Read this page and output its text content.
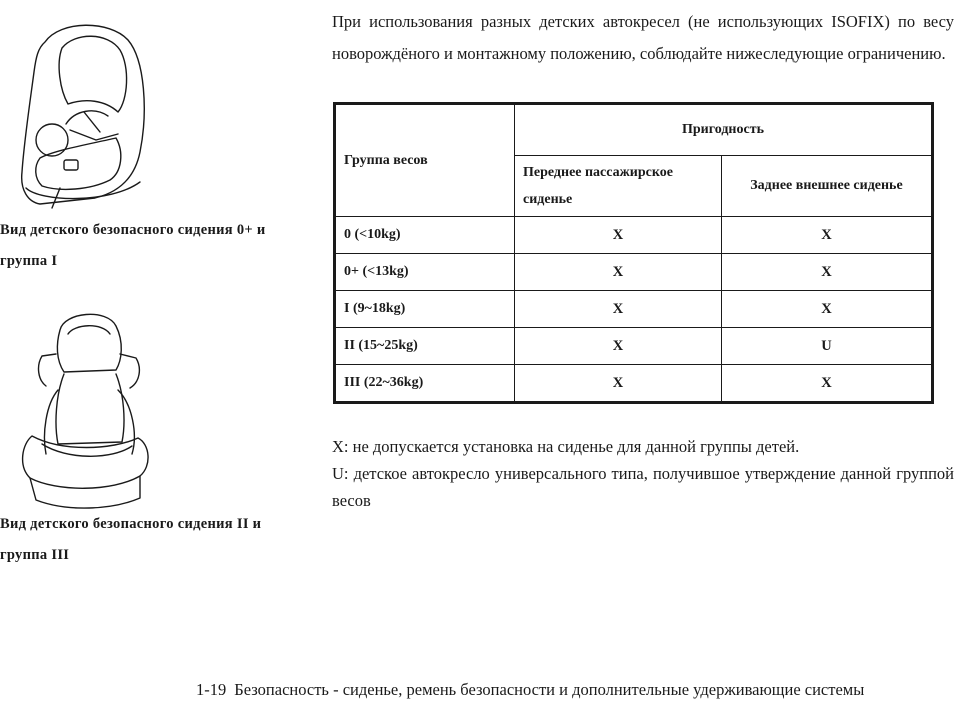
Вид детского безопасного сидения 0+ и группа I
Вид детского безопасного сидения II и группа III
При использования разных детских автокресел (не использующих ISOFIX) по весу новорождёного и монтажному положению, соблюдайте нижеследующие ограничению.
Группа весов	Пригодность	
	Переднее пассажирское сиденье	Заднее внешнее сиденье
0 (<10kg)	X	X
0+ (<13kg)	X	X
I (9~18kg)	X	X
II (15~25kg)	X	U
III (22~36kg)	X	X

X: не допускается установка на сиденье для данной группы детей.

U: детское автокресло универсального типа, получившое утверждение данной группой весов

1-19 Безопасность - сиденье, ремень безопасности и дополнительные удерживающие системы
